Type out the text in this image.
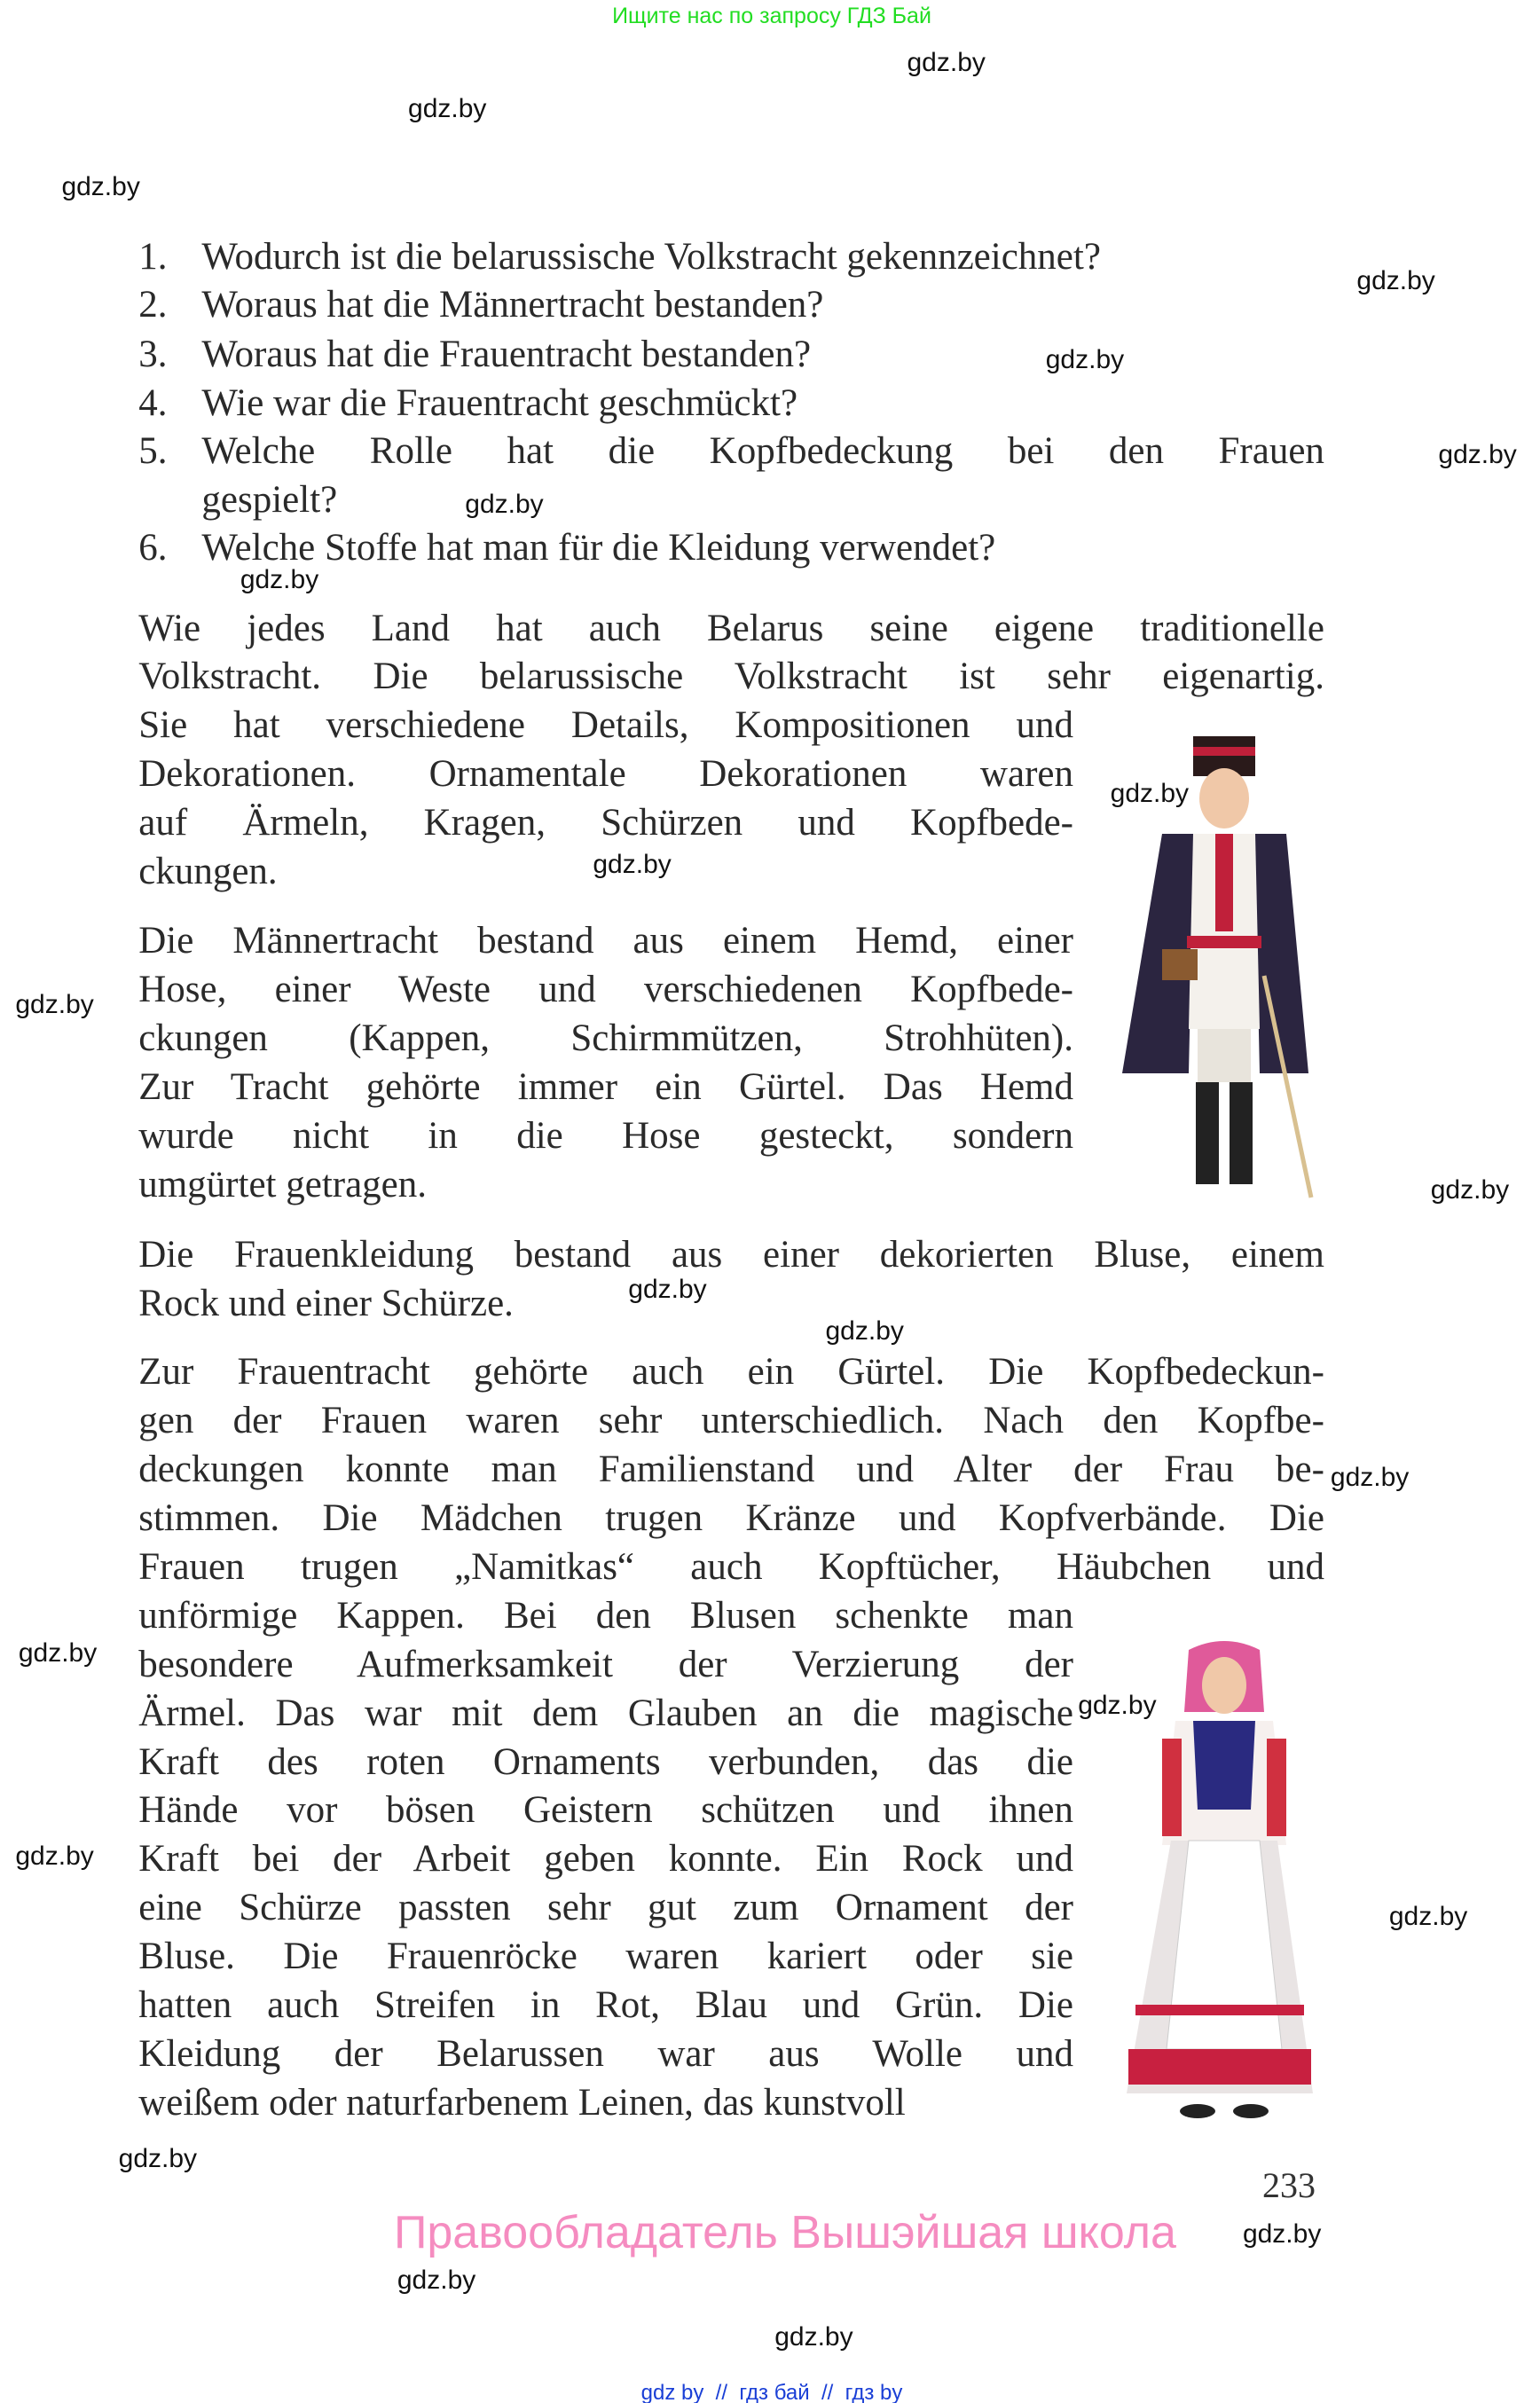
Ищите нас по запросу ГДЗ Бай
233
Правообладатель Вышэйшая школа
gdz by  //  гдз бай  //  гдз by
1. Wodurch ist die belarussische Volkstracht gekennzeichnet?
2. Woraus hat die Männertracht bestanden?
3. Woraus hat die Frauentracht bestanden?
4. Wie war die Frauentracht geschmückt?
5. Welche Rolle hat die Kopfbedeckung bei den Frauen
gespielt?
6. Welche Stoffe hat man für die Kleidung verwendet?
Wie jedes Land hat auch Belarus seine eigene traditionelle
Volkstracht. Die belarussische Volkstracht ist sehr eigenartig.
Sie hat verschiedene Details, Kompositionen und
Dekorationen. Ornamentale Dekorationen waren
auf Ärmeln, Kragen, Schürzen und Kopfbede-
ckungen.
Die Männertracht bestand aus einem Hemd, einer
Hose, einer Weste und verschiedenen Kopfbede-
ckungen (Kappen, Schirmmützen, Strohhüten).
Zur Tracht gehörte immer ein Gürtel. Das Hemd
wurde nicht in die Hose gesteckt, sondern
umgürtet getragen.
Die Frauenkleidung bestand aus einer dekorierten Bluse, einem
Rock und einer Schürze.
Zur Frauentracht gehörte auch ein Gürtel. Die Kopfbedeckun-
gen der Frauen waren sehr unterschiedlich. Nach den Kopfbe-
deckungen konnte man Familienstand und Alter der Frau be-
stimmen. Die Mädchen trugen Kränze und Kopfverbände. Die
Frauen trugen „Namitkas“ auch Kopftücher, Häubchen und
unförmige Kappen. Bei den Blusen schenkte man
besondere Aufmerksamkeit der Verzierung der
Ärmel. Das war mit dem Glauben an die magische
Kraft des roten Ornaments verbunden, das die
Hände vor bösen Geistern schützen und ihnen
Kraft bei der Arbeit geben konnte. Ein Rock und
eine Schürze passten sehr gut zum Ornament der
Bluse. Die Frauenröcke waren kariert oder sie
hatten auch Streifen in Rot, Blau und Grün. Die
Kleidung der Belarussen war aus Wolle und
weißem oder naturfarbenem Leinen, das kunstvoll
gdz.by
gdz.by
gdz.by
gdz.by
gdz.by
gdz.by
gdz.by
gdz.by
gdz.by
gdz.by
gdz.by
gdz.by
gdz.by
gdz.by
gdz.by
gdz.by
gdz.by
gdz.by
gdz.by
gdz.by
gdz.by
gdz.by
gdz.by
